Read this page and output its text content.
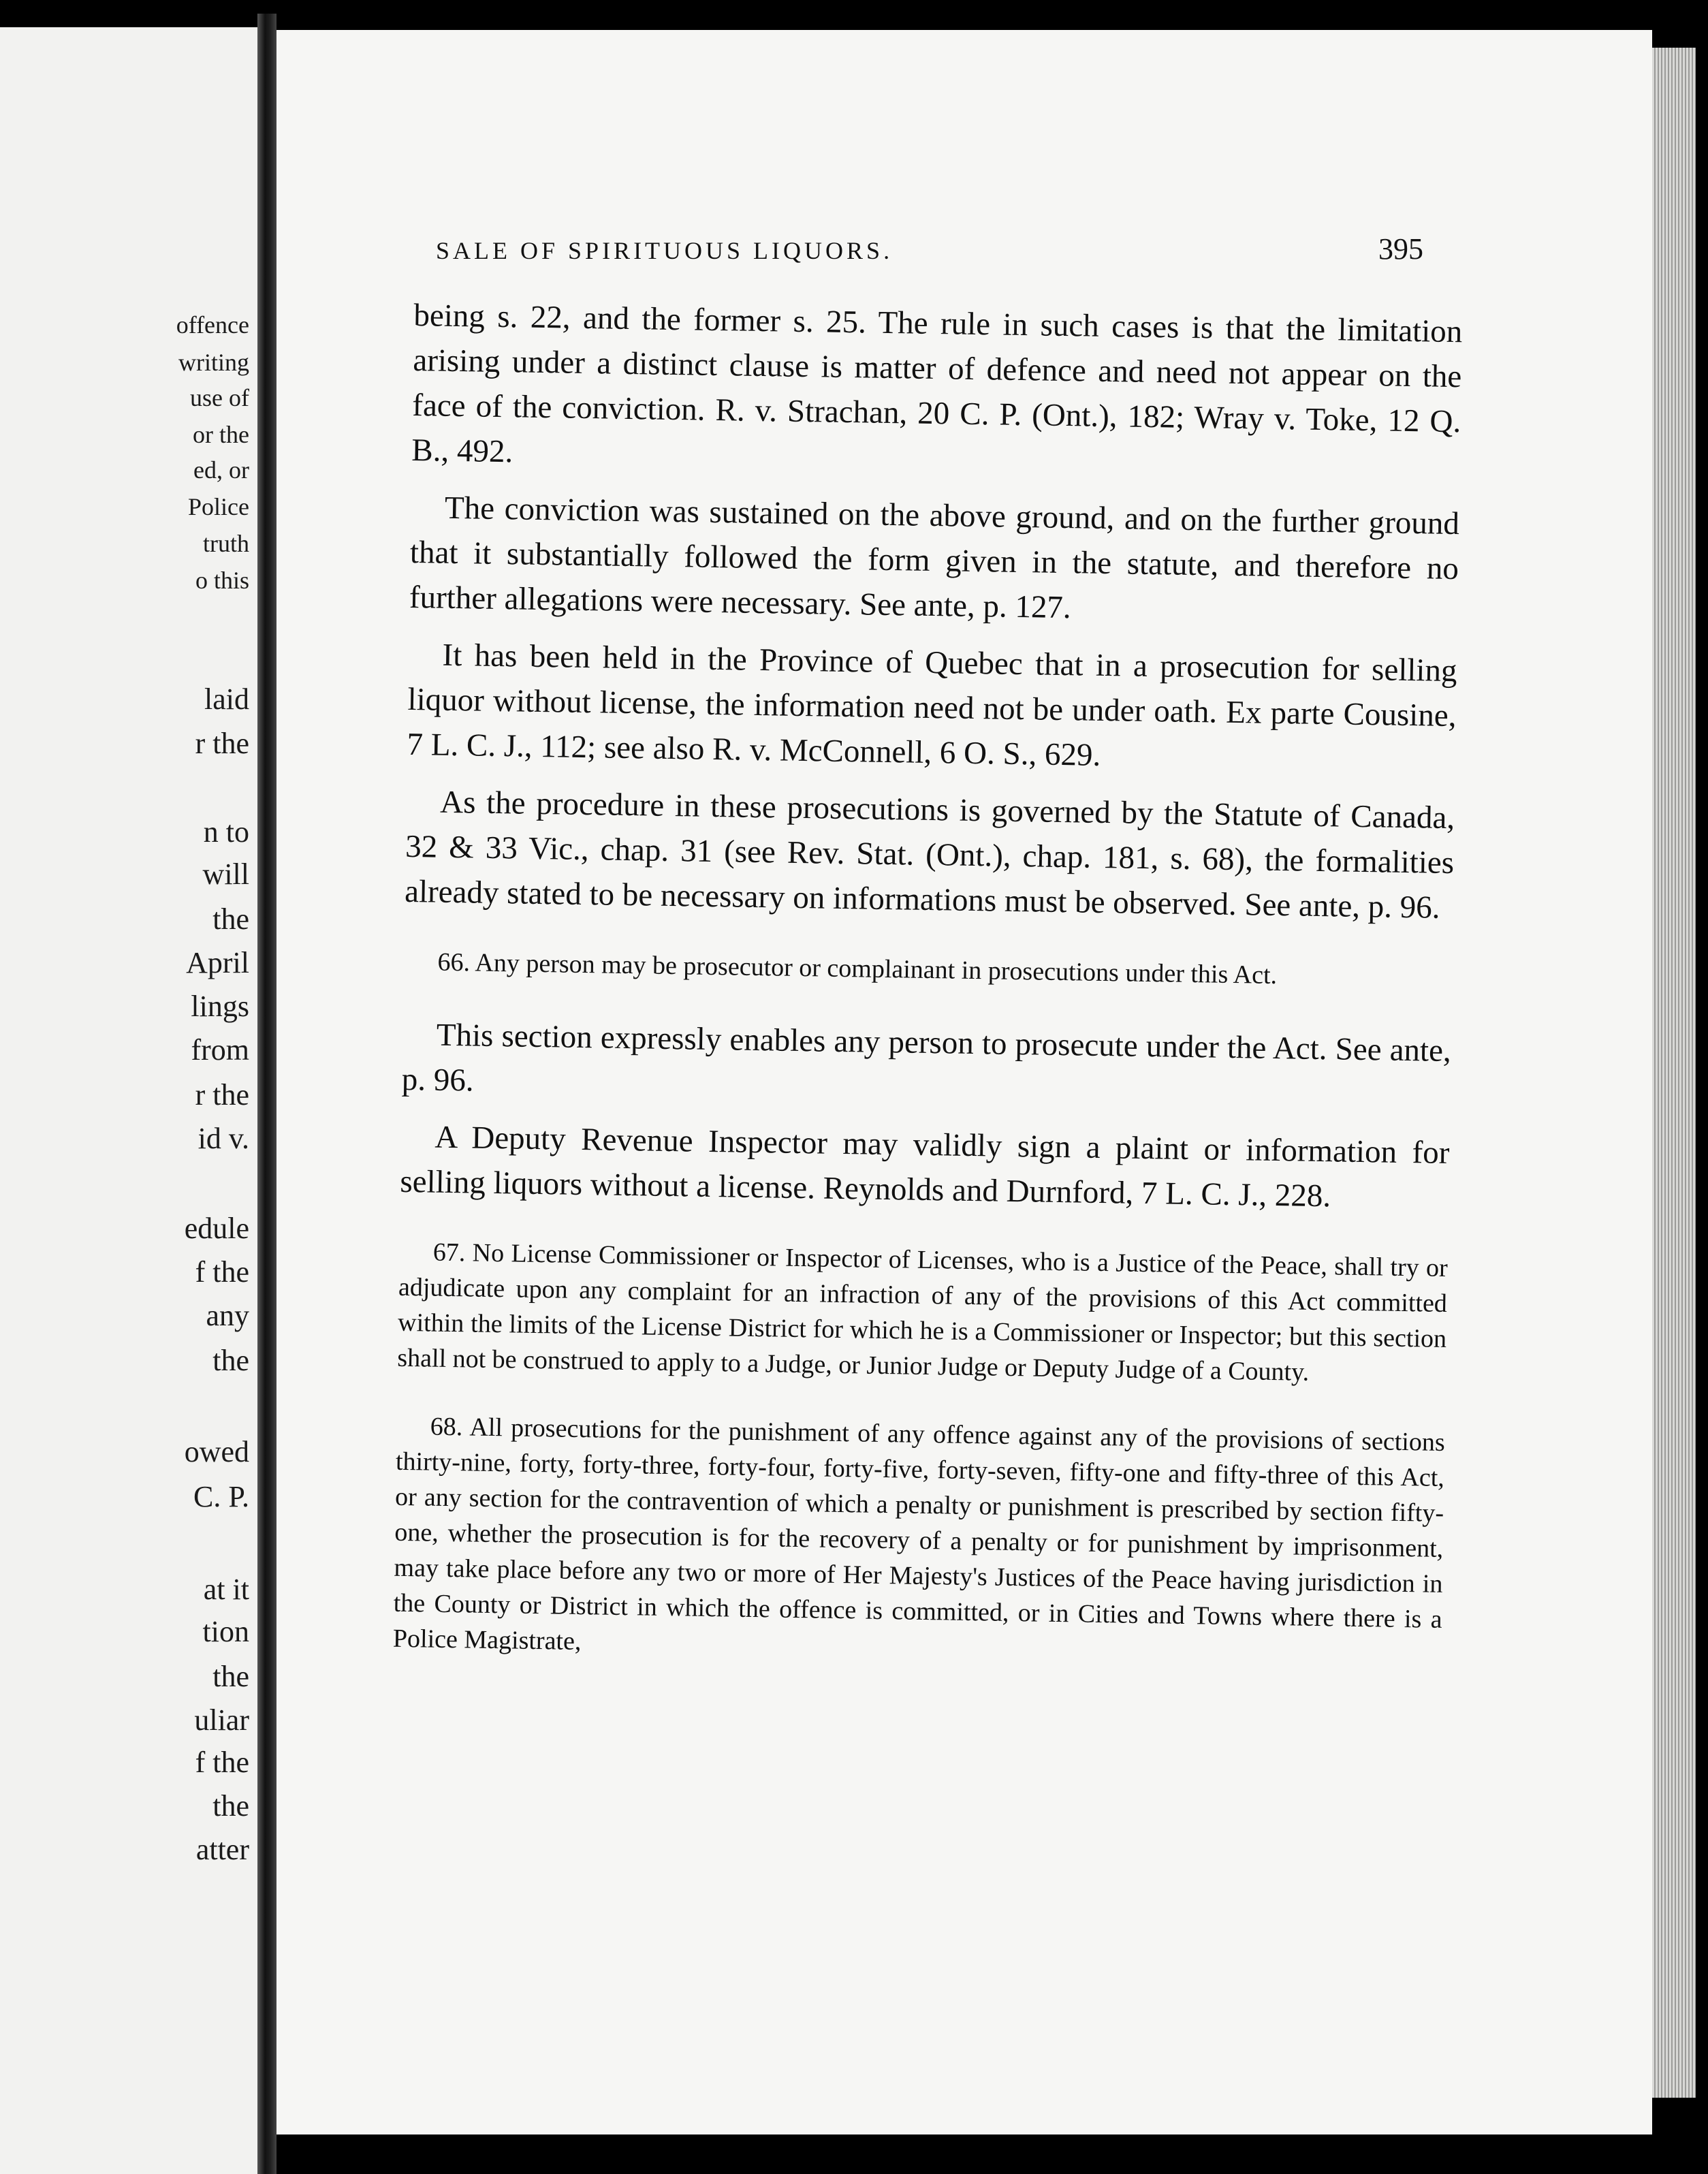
offence
writing
use of
or the
ed, or
Police
truth
o this
laid
r the
n to
will
the
April
lings
from
r the
id v.
edule
f the
any
the
owed
C. P.
at it
tion
the
uliar
f the
the
atter
SALE OF SPIRITUOUS LIQUORS.	395

being s. 22, and the former s. 25. The rule in such cases is that the limitation arising under a distinct clause is matter of defence and need not appear on the face of the conviction. R. v. Strachan, 20 C. P. (Ont.), 182; Wray v. Toke, 12 Q. B., 492.

The conviction was sustained on the above ground, and on the further ground that it substantially followed the form given in the statute, and therefore no further allegations were necessary. See ante, p. 127.

It has been held in the Province of Quebec that in a prosecution for selling liquor without license, the information need not be under oath. Ex parte Cousine, 7 L. C. J., 112; see also R. v. McConnell, 6 O. S., 629.

As the procedure in these prosecutions is governed by the Statute of Canada, 32 & 33 Vic., chap. 31 (see Rev. Stat. (Ont.), chap. 181, s. 68), the formalities already stated to be necessary on informations must be observed. See ante, p. 96.

66. Any person may be prosecutor or complainant in prosecutions under this Act.

This section expressly enables any person to prosecute under the Act. See ante, p. 96.

A Deputy Revenue Inspector may validly sign a plaint or information for selling liquors without a license. Reynolds and Durnford, 7 L. C. J., 228.

67. No License Commissioner or Inspector of Licenses, who is a Justice of the Peace, shall try or adjudicate upon any complaint for an infraction of any of the provisions of this Act committed within the limits of the License District for which he is a Commissioner or Inspector; but this section shall not be construed to apply to a Judge, or Junior Judge or Deputy Judge of a County.

68. All prosecutions for the punishment of any offence against any of the provisions of sections thirty-nine, forty, forty-three, forty-four, forty-five, forty-seven, fifty-one and fifty-three of this Act, or any section for the contravention of which a penalty or punishment is prescribed by section fifty-one, whether the prosecution is for the recovery of a penalty or for punishment by imprisonment, may take place before any two or more of Her Majesty's Justices of the Peace having jurisdiction in the County or District in which the offence is committed, or in Cities and Towns where there is a Police Magistrate,
